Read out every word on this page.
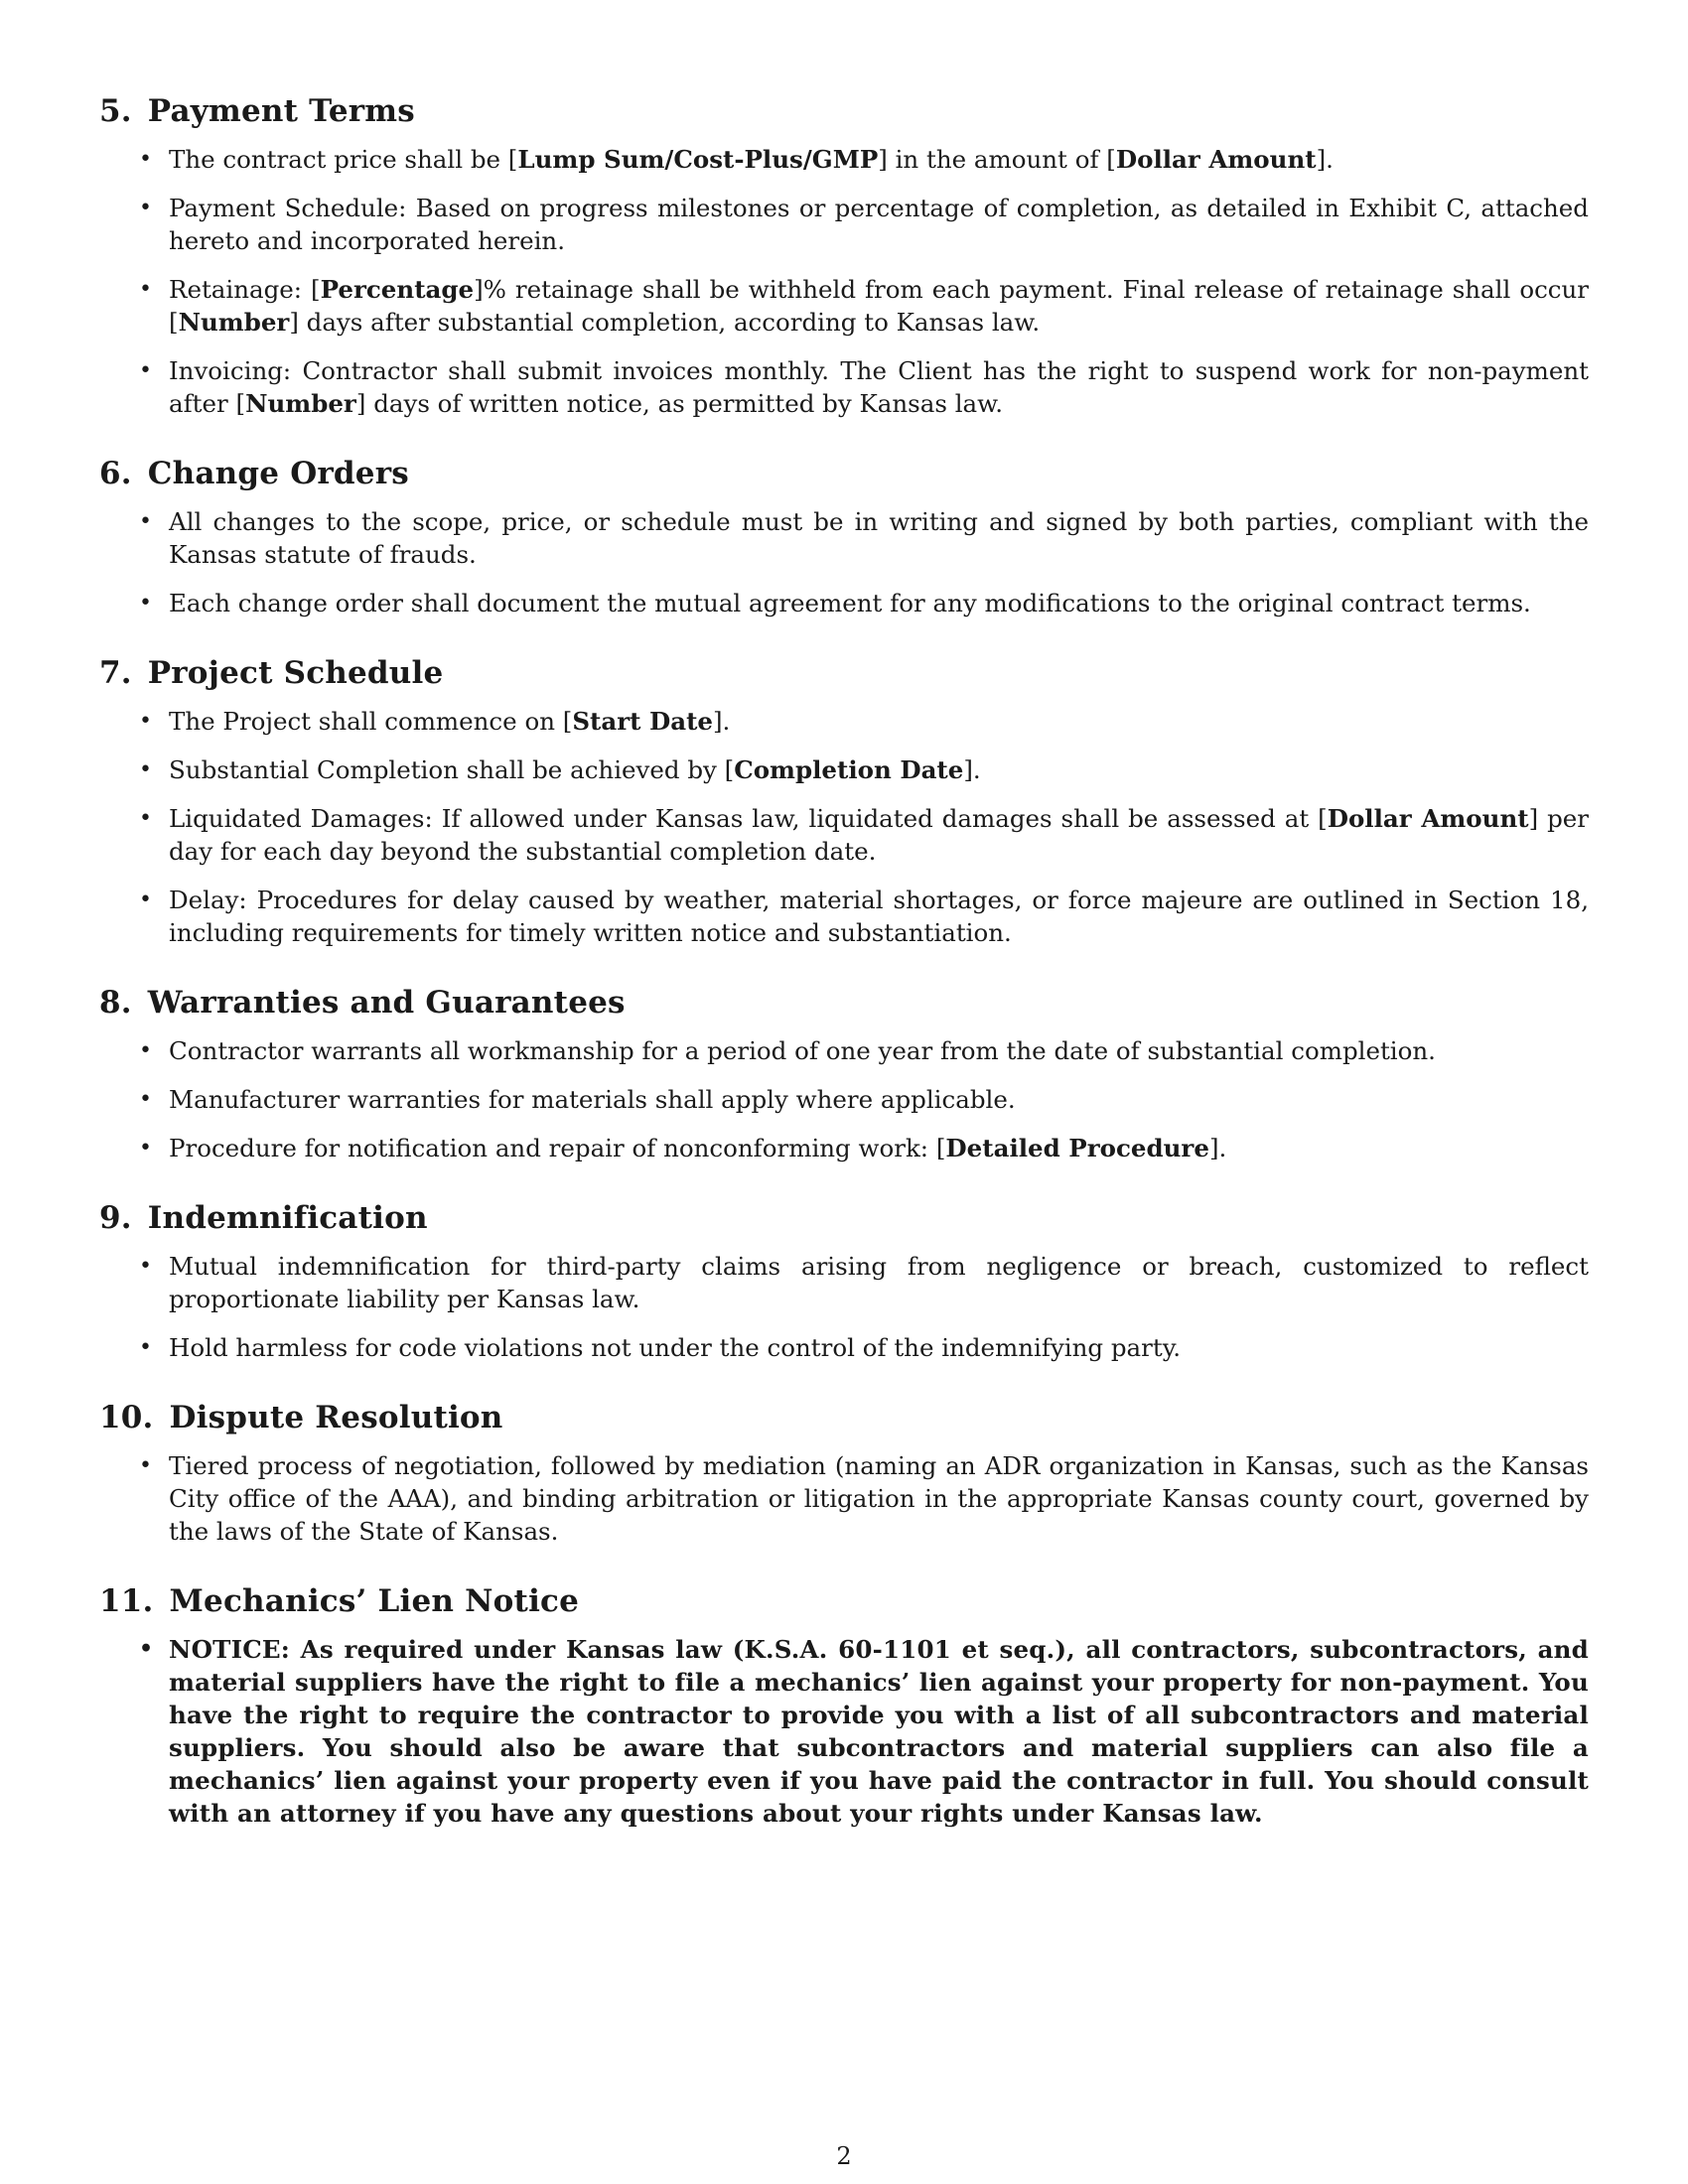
5. Payment Terms
• The contract price shall be [Lump Sum/Cost-Plus/GMP] in the amount of [Dollar Amount].
• Payment Schedule: Based on progress milestones or percentage of completion, as detailed in Exhibit C, attached hereto and incorporated herein.
• Retainage: [Percentage]% retainage shall be withheld from each payment. Final release of retainage shall occur [Number] days after substantial completion, according to Kansas law.
• Invoicing: Contractor shall submit invoices monthly. The Client has the right to suspend work for non-payment after [Number] days of written notice, as permitted by Kansas law.
6. Change Orders
• All changes to the scope, price, or schedule must be in writing and signed by both parties, compliant with the Kansas statute of frauds.
• Each change order shall document the mutual agreement for any modifications to the original contract terms.
7. Project Schedule
• The Project shall commence on [Start Date].
• Substantial Completion shall be achieved by [Completion Date].
• Liquidated Damages: If allowed under Kansas law, liquidated damages shall be assessed at [Dollar Amount] per day for each day beyond the substantial completion date.
• Delay: Procedures for delay caused by weather, material shortages, or force majeure are outlined in Section 18, including requirements for timely written notice and substantiation.
8. Warranties and Guarantees
• Contractor warrants all workmanship for a period of one year from the date of substantial completion.
• Manufacturer warranties for materials shall apply where applicable.
• Procedure for notification and repair of nonconforming work: [Detailed Procedure].
9. Indemnification
• Mutual indemnification for third-party claims arising from negligence or breach, customized to reflect proportionate liability per Kansas law.
• Hold harmless for code violations not under the control of the indemnifying party.
10. Dispute Resolution
• Tiered process of negotiation, followed by mediation (naming an ADR organization in Kansas, such as the Kansas City office of the AAA), and binding arbitration or litigation in the appropriate Kansas county court, governed by the laws of the State of Kansas.
11. Mechanics’ Lien Notice
• NOTICE: As required under Kansas law (K.S.A. 60-1101 et seq.), all contractors, subcontractors, and material suppliers have the right to file a mechanics’ lien against your property for non-payment. You have the right to require the contractor to provide you with a list of all subcontractors and material suppliers. You should also be aware that subcontractors and material suppliers can also file a mechanics’ lien against your property even if you have paid the contractor in full. You should consult with an attorney if you have any questions about your rights under Kansas law.
2
